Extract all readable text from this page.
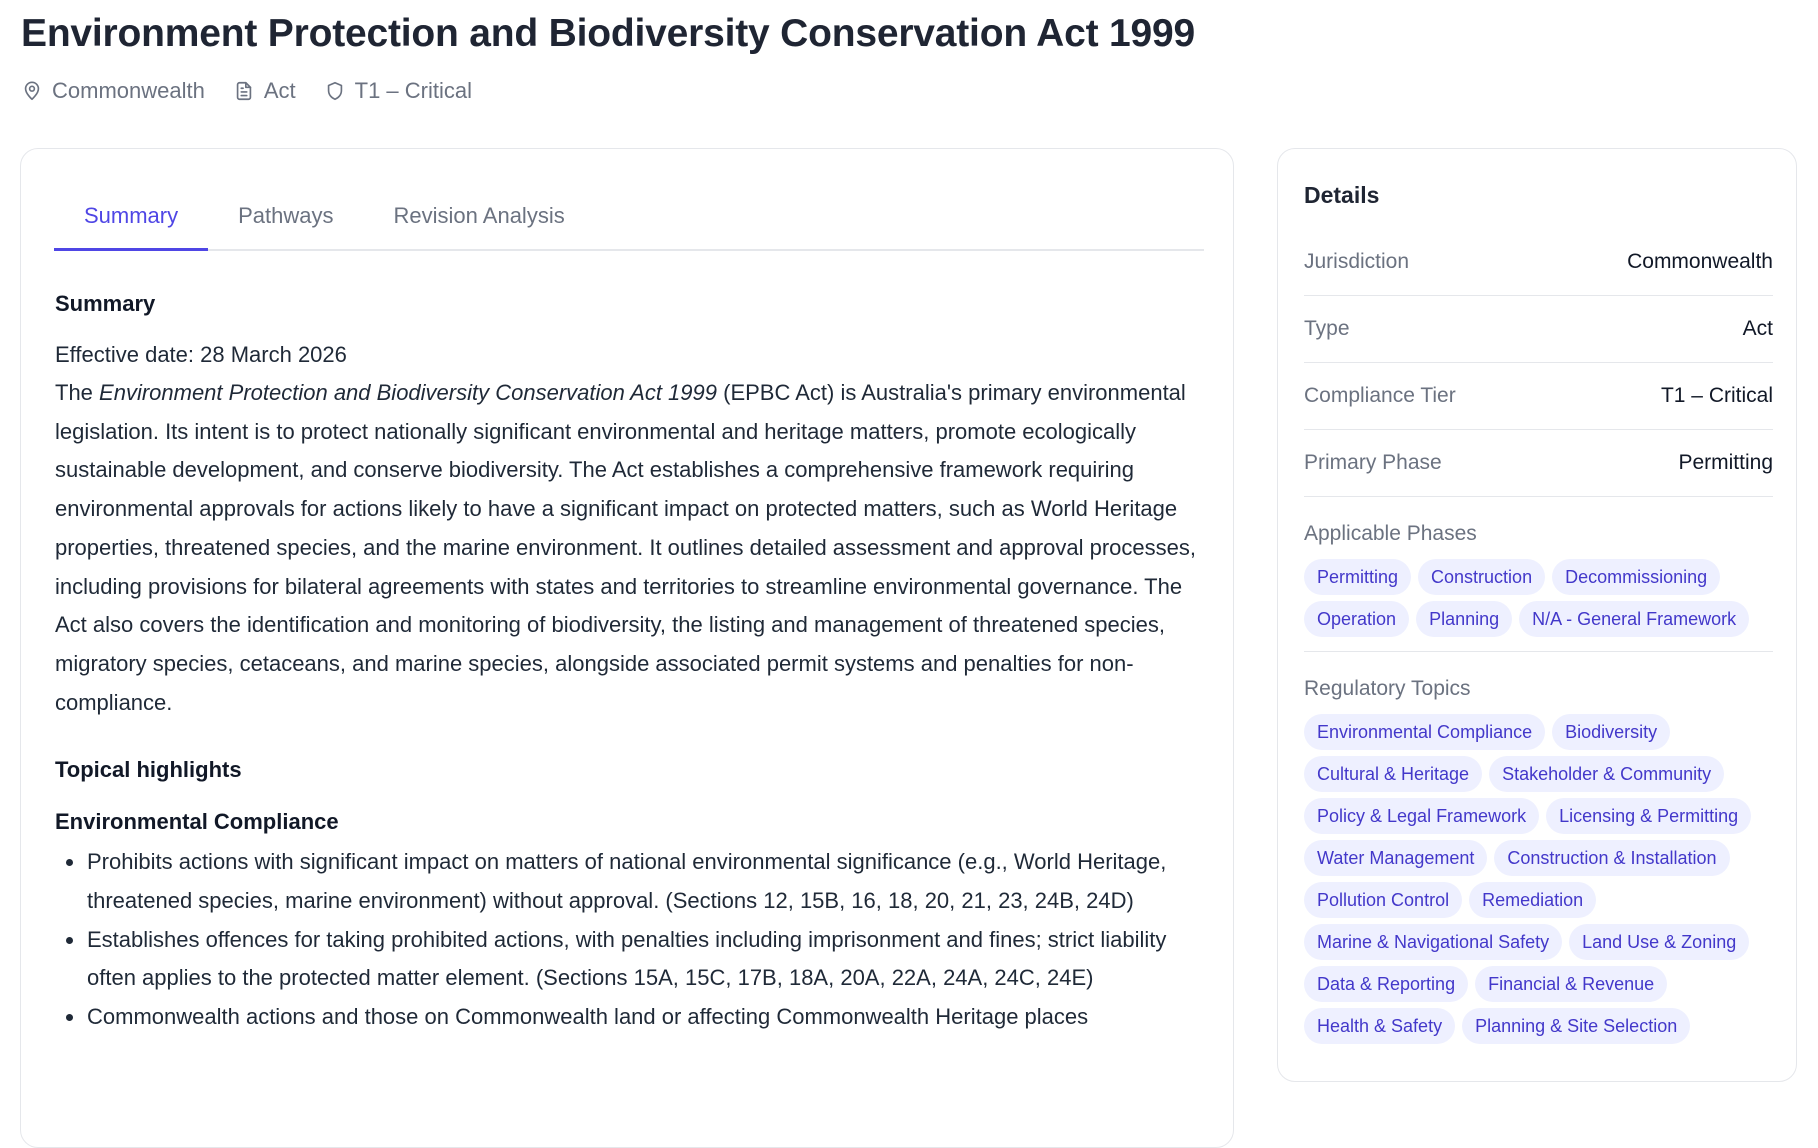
Environment Protection and Biodiversity Conservation Act 1999
Commonwealth	Act	T1 – Critical
Summary	Pathways	Revision Analysis
Summary
Effective date: 28 March 2026

The Environment Protection and Biodiversity Conservation Act 1999 (EPBC Act) is Australia's primary environmental legislation. Its intent is to protect nationally significant environmental and heritage matters, promote ecologically sustainable development, and conserve biodiversity. The Act establishes a comprehensive framework requiring environmental approvals for actions likely to have a significant impact on protected matters, such as World Heritage properties, threatened species, and the marine environment. It outlines detailed assessment and approval processes, including provisions for bilateral agreements with states and territories to streamline environmental governance. The Act also covers the identification and monitoring of biodiversity, the listing and management of threatened species, migratory species, cetaceans, and marine species, alongside associated permit systems and penalties for non-compliance.

Topical highlights
Environmental Compliance
Prohibits actions with significant impact on matters of national environmental significance (e.g., World Heritage, threatened species, marine environment) without approval. (Sections 12, 15B, 16, 18, 20, 21, 23, 24B, 24D)
Establishes offences for taking prohibited actions, with penalties including imprisonment and fines; strict liability often applies to the protected matter element. (Sections 15A, 15C, 17B, 18A, 20A, 22A, 24A, 24C, 24E)
Commonwealth actions and those on Commonwealth land or affecting Commonwealth Heritage places
Details
Jurisdiction	Commonwealth
Type	Act
Compliance Tier	T1 – Critical
Primary Phase	Permitting
Applicable Phases
Permitting	Construction	Decommissioning
Operation	Planning	N/A - General Framework
Regulatory Topics
Environmental Compliance	Biodiversity
Cultural & Heritage	Stakeholder & Community
Policy & Legal Framework	Licensing & Permitting
Water Management	Construction & Installation
Pollution Control	Remediation
Marine & Navigational Safety	Land Use & Zoning
Data & Reporting	Financial & Revenue
Health & Safety	Planning & Site Selection
